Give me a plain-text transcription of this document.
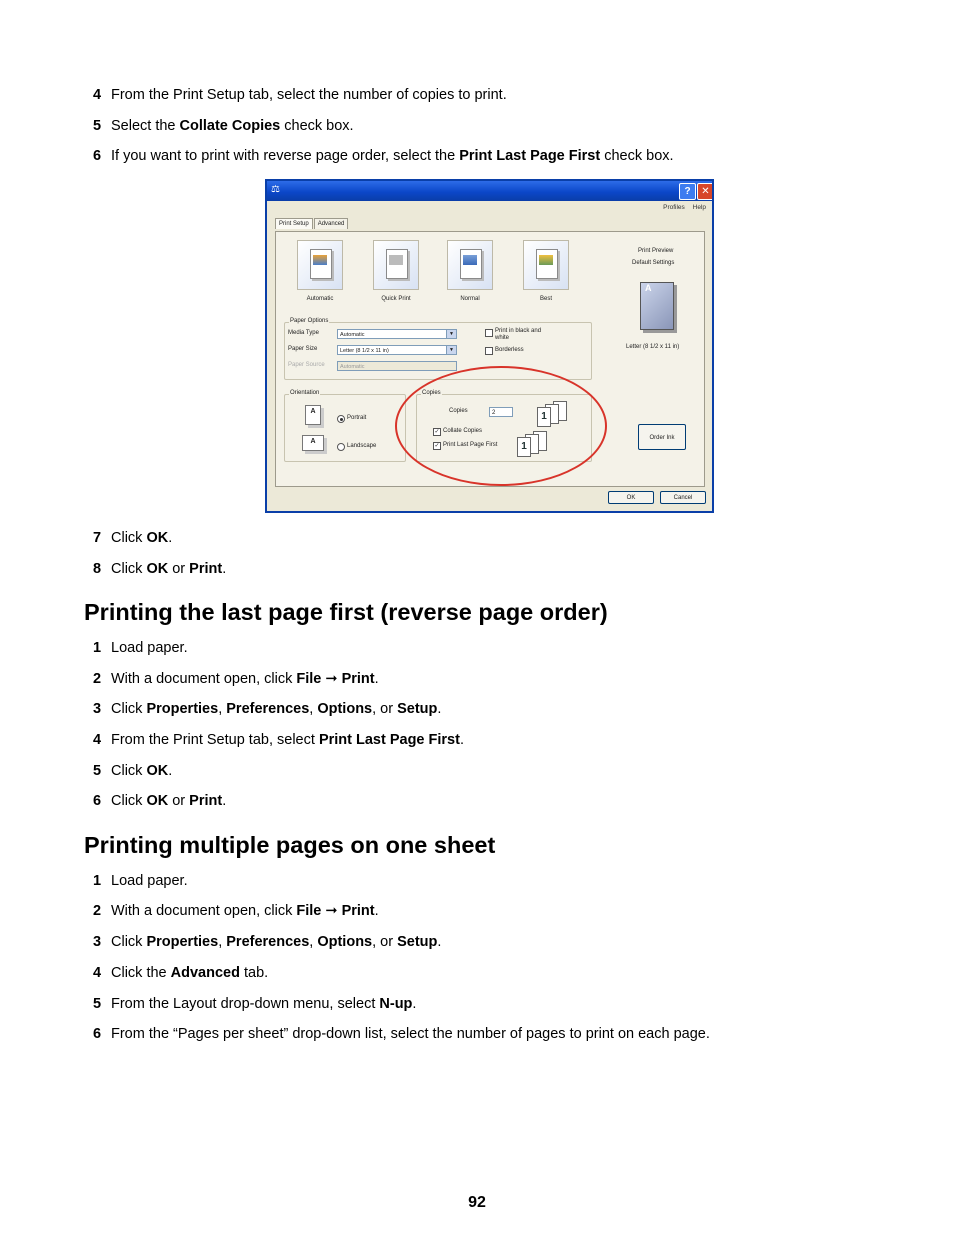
4 From the Print Setup tab, select the number of copies to print.
5 Select the Collate Copies check box.
6 If you want to print with reverse page order, select the Print Last Page First check box.
⚖	?	✕
Profiles Help
Print Setup Advanced
Automatic	Quick Print	Normal	Best
Paper Options
Media Type	Automatic	▼
Paper Size	Letter (8 1/2 x 11 in)	▼
Paper Source	Automatic
Print in black and white
Borderless
Orientation
A
Portrait
A
Landscape
Copies
Copies	2
✓ Collate Copies
✓ Print Last Page First
1
1
Print Preview
Default Settings
A
Letter (8 1/2 x 11 in)
Order Ink
OK	Cancel
7 Click OK.
8 Click OK or Print.
Printing the last page first (reverse page order)
1 Load paper.
2 With a document open, click File ➞ Print.
3 Click Properties, Preferences, Options, or Setup.
4 From the Print Setup tab, select Print Last Page First.
5 Click OK.
6 Click OK or Print.
Printing multiple pages on one sheet
1 Load paper.
2 With a document open, click File ➞ Print.
3 Click Properties, Preferences, Options, or Setup.
4 Click the Advanced tab.
5 From the Layout drop-down menu, select N-up.
6 From the “Pages per sheet” drop-down list, select the number of pages to print on each page.
92
